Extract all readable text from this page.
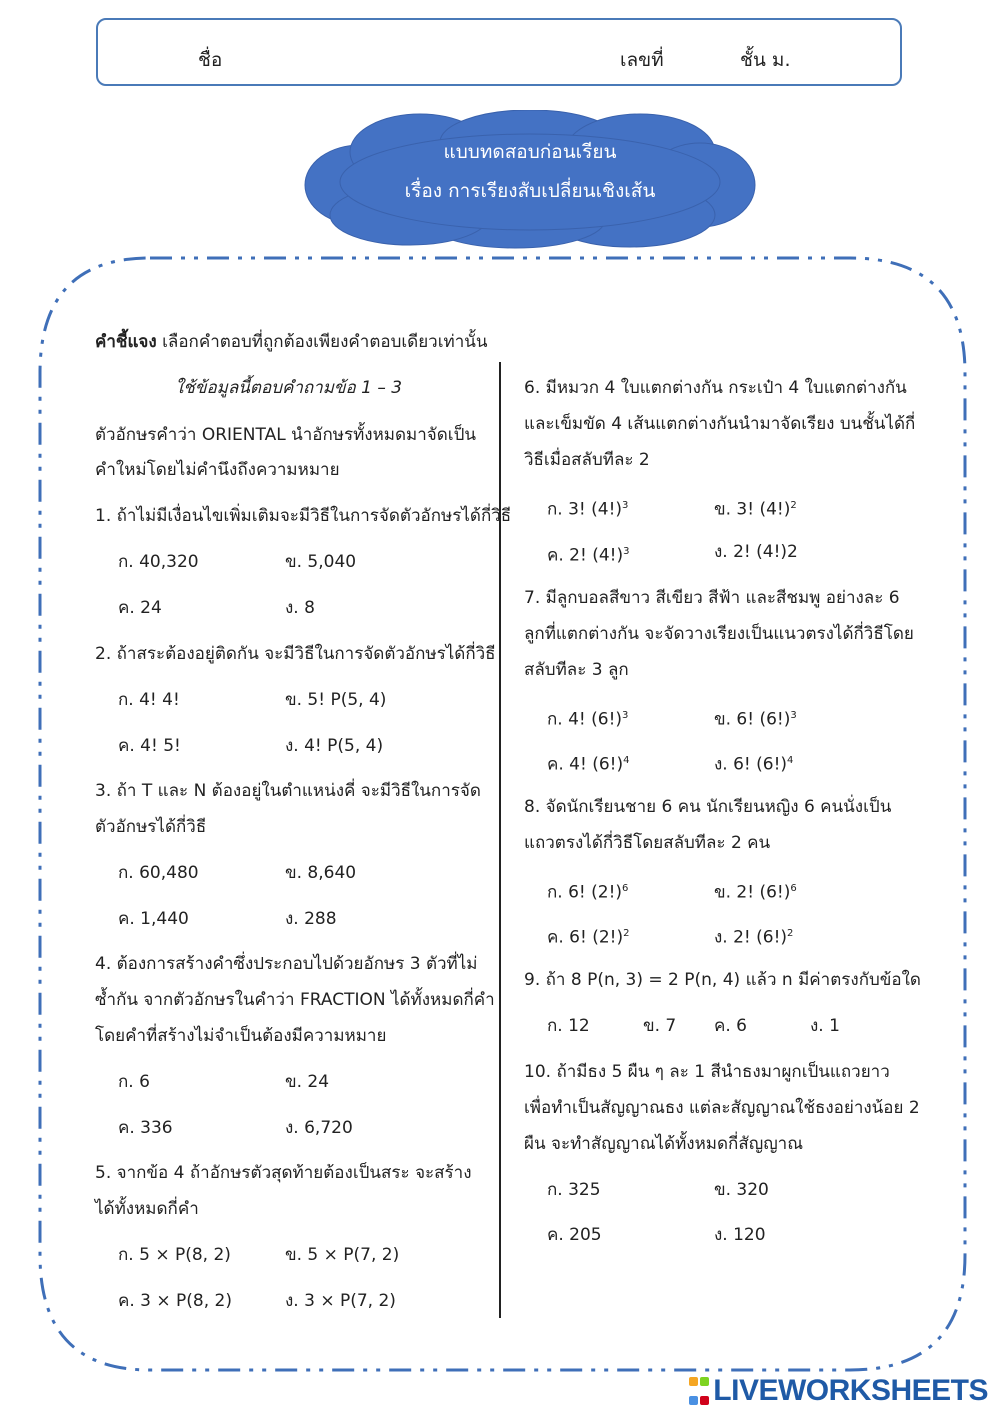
ชื่อ	เลขที่	ชั้น ม.
แบบทดสอบก่อนเรียน
เรื่อง การเรียงสับเปลี่ยนเชิงเส้น
คำชี้แจง เลือกคำตอบที่ถูกต้องเพียงคำตอบเดียวเท่านั้น
ใช้ข้อมูลนี้ตอบคำถามข้อ 1 – 3
ตัวอักษรคำว่า ORIENTAL นำอักษรทั้งหมดมาจัดเป็น
คำใหม่โดยไม่คำนึงถึงความหมาย
1. ถ้าไม่มีเงื่อนไขเพิ่มเติมจะมีวิธีในการจัดตัวอักษรได้กี่วิธี
ก. 40,320	ข. 5,040
ค. 24	ง. 8
2. ถ้าสระต้องอยู่ติดกัน จะมีวิธีในการจัดตัวอักษรได้กี่วิธี
ก. 4! 4!	ข. 5! P(5, 4)
ค. 4! 5!	ง. 4! P(5, 4)
3. ถ้า T และ N ต้องอยู่ในตำแหน่งคี่ จะมีวิธีในการจัด
ตัวอักษรได้กี่วิธี
ก. 60,480	ข. 8,640
ค. 1,440	ง. 288
4. ต้องการสร้างคำซึ่งประกอบไปด้วยอักษร 3 ตัวที่ไม่
ซ้ำกัน จากตัวอักษรในคำว่า FRACTION ได้ทั้งหมดกี่คำ
โดยคำที่สร้างไม่จำเป็นต้องมีความหมาย
ก. 6	ข. 24
ค. 336	ง. 6,720
5. จากข้อ 4 ถ้าอักษรตัวสุดท้ายต้องเป็นสระ จะสร้าง
ได้ทั้งหมดกี่คำ
ก. 5 × P(8, 2)	ข. 5 × P(7, 2)
ค. 3 × P(8, 2)	ง. 3 × P(7, 2)
6. มีหมวก 4 ใบแตกต่างกัน กระเป๋า 4 ใบแตกต่างกัน
และเข็มขัด 4 เส้นแตกต่างกันนำมาจัดเรียง บนชั้นได้กี่
วิธีเมื่อสลับทีละ 2
ก. 3! $(4!)^3$	ข. 3! $(4!)^2$
ค. 2! $(4!)^3$	ง. 2! (4!)2
7. มีลูกบอลสีขาว สีเขียว สีฟ้า และสีชมพู อย่างละ 6
ลูกที่แตกต่างกัน จะจัดวางเรียงเป็นแนวตรงได้กี่วิธีโดย
สลับทีละ 3 ลูก
ก. 4! $(6!)^3$	ข. 6! $(6!)^3$
ค. 4! $(6!)^4$	ง. 6! $(6!)^4$
8. จัดนักเรียนชาย 6 คน นักเรียนหญิง 6 คนนั่งเป็น
แถวตรงได้กี่วิธีโดยสลับทีละ 2 คน
ก. 6! $(2!)^6$	ข. 2! $(6!)^6$
ค. 6! $(2!)^2$	ง. 2! $(6!)^2$
9. ถ้า 8 P(n, 3) = 2 P(n, 4) แล้ว n มีค่าตรงกับข้อใด
ก. 12	ข. 7 ค. 6	ง. 1
10. ถ้ามีธง 5 ผืน ๆ ละ 1 สีนำธงมาผูกเป็นแถวยาว
เพื่อทำเป็นสัญญาณธง แต่ละสัญญาณใช้ธงอย่างน้อย 2
ผืน จะทำสัญญาณได้ทั้งหมดกี่สัญญาณ
ก. 325	ข. 320
ค. 205	ง. 120
LIVEWORKSHEETS
